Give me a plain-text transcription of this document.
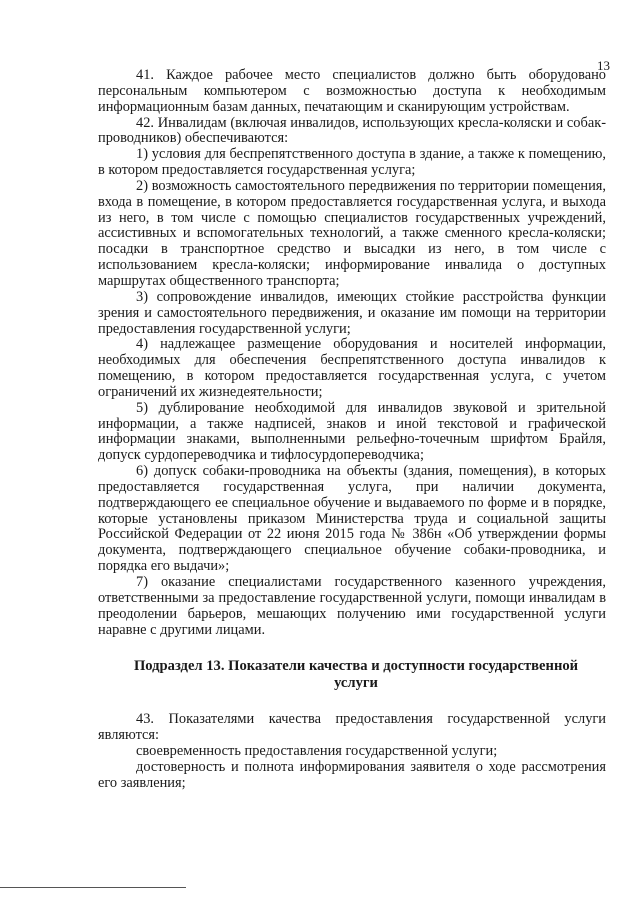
13

41. Каждое рабочее место специалистов должно быть оборудовано персональным компьютером с возможностью доступа к необходимым информационным базам данных, печатающим и сканирующим устройствам.

42. Инвалидам (включая инвалидов, использующих кресла-коляски и собак-проводников) обеспечиваются:

1) условия для беспрепятственного доступа в здание, а также к помещению, в котором предоставляется государственная услуга;

2) возможность самостоятельного передвижения по территории помещения, входа в помещение, в котором предоставляется государственная услуга, и выхода из него, в том числе с помощью специалистов государственных учреждений, ассистивных и вспомогательных технологий, а также сменного кресла-коляски; посадки в транспортное средство и высадки из него, в том числе с использованием кресла-коляски; информирование инвалида о доступных маршрутах общественного транспорта;

3) сопровождение инвалидов, имеющих стойкие расстройства функции зрения и самостоятельного передвижения, и оказание им помощи на территории предоставления государственной услуги;

4) надлежащее размещение оборудования и носителей информации, необходимых для обеспечения беспрепятственного доступа инвалидов к помещению, в котором предоставляется государственная услуга, с учетом ограничений их жизнедеятельности;

5) дублирование необходимой для инвалидов звуковой и зрительной информации, а также надписей, знаков и иной текстовой и графической информации знаками, выполненными рельефно-точечным шрифтом Брайля, допуск сурдопереводчика и тифлосурдопереводчика;

6) допуск собаки-проводника на объекты (здания, помещения), в которых предоставляется государственная услуга, при наличии документа, подтверждающего ее специальное обучение и выдаваемого по форме и в порядке, которые установлены приказом Министерства труда и социальной защиты Российской Федерации от 22 июня 2015 года № 386н «Об утверждении формы документа, подтверждающего специальное обучение собаки-проводника, и порядка его выдачи»;

7) оказание специалистами государственного казенного учреждения, ответственными за предоставление государственной услуги, помощи инвалидам в преодолении барьеров, мешающих получению ими государственной услуги наравне с другими лицами.

Подраздел 13. Показатели качества и доступности государственной услуги

43. Показателями качества предоставления государственной услуги являются:

своевременность предоставления государственной услуги;

достоверность и полнота информирования заявителя о ходе рассмотрения его заявления;
